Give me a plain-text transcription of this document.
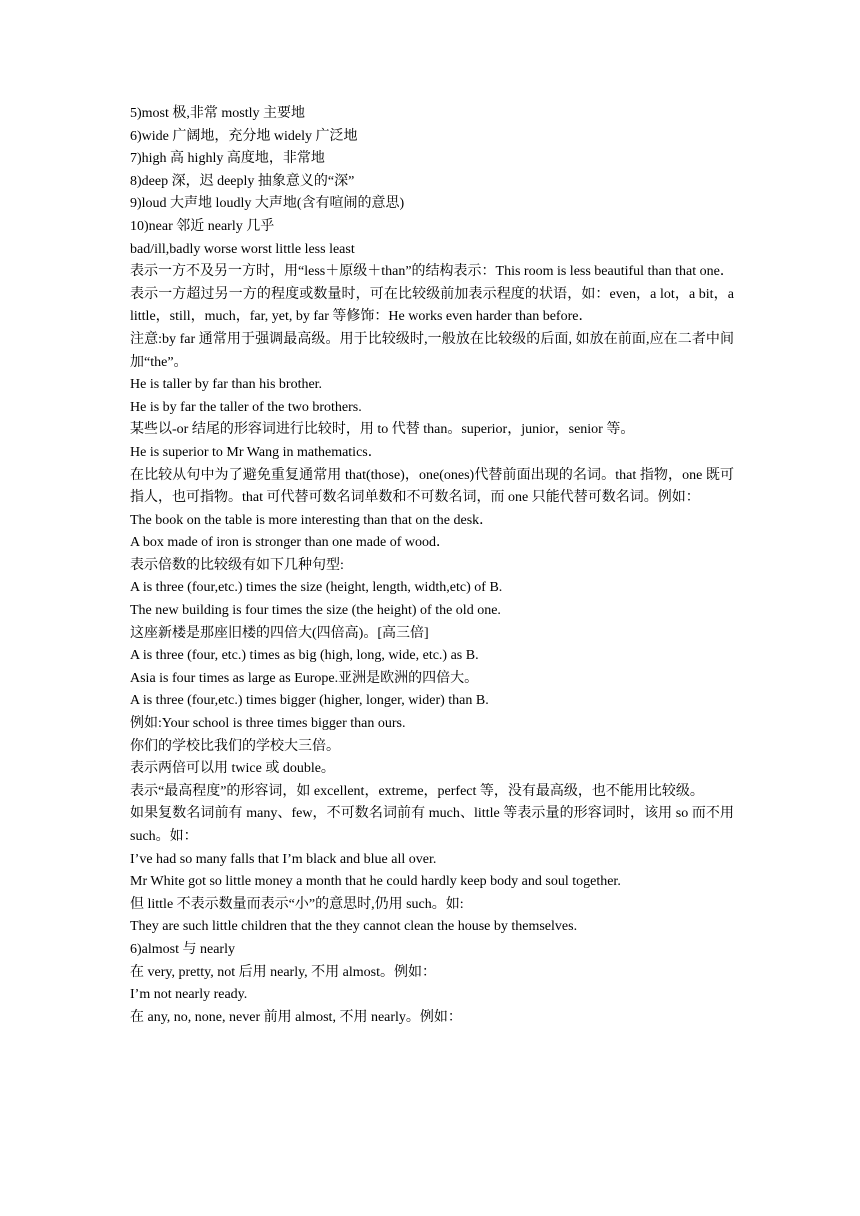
5)most 极,非常 mostly 主要地
6)wide 广阔地，充分地 widely 广泛地
7)high 高 highly 高度地，非常地
8)deep 深，迟 deeply 抽象意义的“深”
9)loud 大声地 loudly 大声地(含有喧闹的意思)
10)near 邻近 nearly 几乎
bad/ill,badly worse worst little less least
表示一方不及另一方时，用“less＋原级＋than”的结构表示：This room is less beautiful than that one．
表示一方超过另一方的程度或数量时，可在比较级前加表示程度的状语，如：even，a lot，a bit，a little，still，much，far, yet, by far 等修饰：He works even harder than before．
注意:by far 通常用于强调最高级。用于比较级时,一般放在比较级的后面, 如放在前面,应在二者中间加“the”。
He is taller by far than his brother.
He is by far the taller of the two brothers.
某些以-or 结尾的形容词进行比较时，用 to 代替 than。superior，junior，senior 等。
He is superior to Mr Wang in mathematics．
在比较从句中为了避免重复通常用 that(those)，one(ones)代替前面出现的名词。that 指物，one 既可指人，也可指物。that 可代替可数名词单数和不可数名词，而 one 只能代替可数名词。例如：
The book on the table is more interesting than that on the desk．
A box made of iron is stronger than one made of wood．
表示倍数的比较级有如下几种句型:
A is three (four,etc.) times the size (height, length, width,etc) of B.
The new building is four times the size (the height) of the old one.
这座新楼是那座旧楼的四倍大(四倍高)。[高三倍]
A is three (four, etc.) times as big (high, long, wide, etc.) as B.
Asia is four times as large as Europe.亚洲是欧洲的四倍大。
A is three (four,etc.) times bigger (higher, longer, wider) than B.
例如:Your school is three times bigger than ours.
你们的学校比我们的学校大三倍。
表示两倍可以用 twice 或 double。
表示“最高程度”的形容词，如 excellent，extreme，perfect 等，没有最高级，也不能用比较级。
如果复数名词前有 many、few，不可数名词前有 much、little 等表示量的形容词时，该用 so 而不用 such。如：
I’ve had so many falls that I’m black and blue all over.
Mr White got so little money a month that he could hardly keep body and soul together.
但 little 不表示数量而表示“小”的意思时,仍用 such。如:
They are such little children that the they cannot clean the house by themselves.
6)almost 与 nearly
在 very, pretty, not 后用 nearly, 不用 almost。例如：
I’m not nearly ready.
在 any, no, none, never 前用 almost, 不用 nearly。例如：
